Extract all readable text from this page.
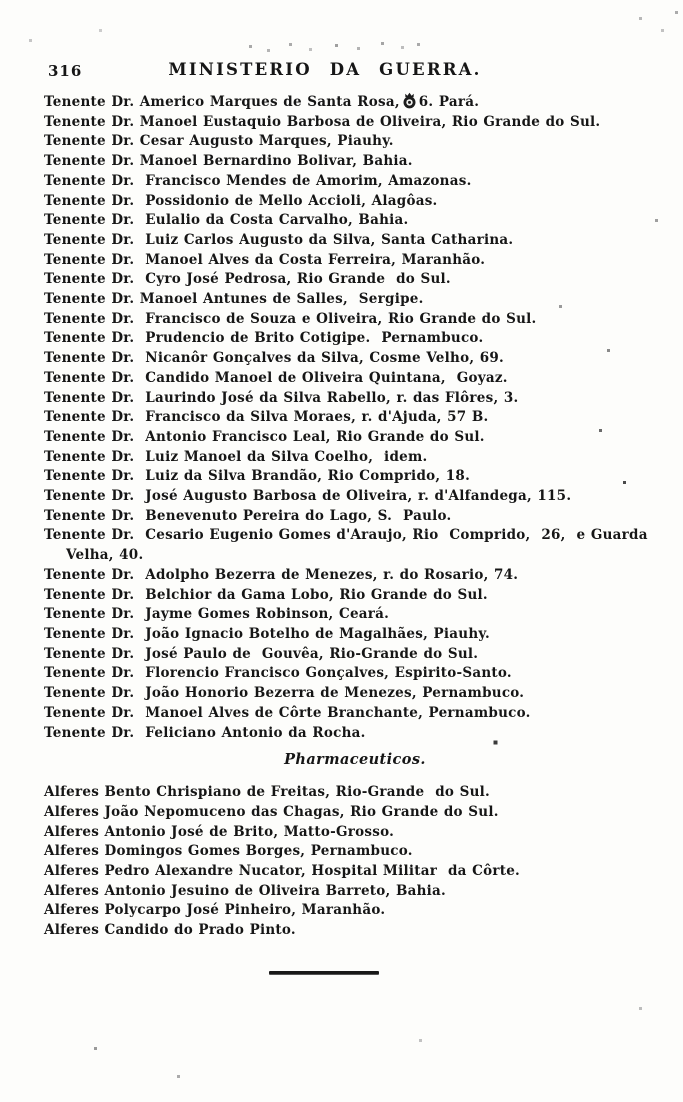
316	MINISTERIO DA GUERRA.
Tenente Dr. Americo Marques de Santa Rosa, 6. Pará.
Tenente Dr. Manoel Eustaquio Barbosa de Oliveira, Rio Grande do Sul.
Tenente Dr. Cesar Augusto Marques, Piauhy.
Tenente Dr. Manoel Bernardino Bolivar, Bahia.
Tenente Dr.  Francisco Mendes de Amorim, Amazonas.
Tenente Dr.  Possidonio de Mello Accioli, Alagôas.
Tenente Dr.  Eulalio da Costa Carvalho, Bahia.
Tenente Dr.  Luiz Carlos Augusto da Silva, Santa Catharina.
Tenente Dr.  Manoel Alves da Costa Ferreira, Maranhão.
Tenente Dr.  Cyro José Pedrosa, Rio Grande  do Sul.
Tenente Dr. Manoel Antunes de Salles,  Sergipe.
Tenente Dr.  Francisco de Souza e Oliveira, Rio Grande do Sul.
Tenente Dr.  Prudencio de Brito Cotigipe.  Pernambuco.
Tenente Dr.  Nicanôr Gonçalves da Silva, Cosme Velho, 69.
Tenente Dr.  Candido Manoel de Oliveira Quintana,  Goyaz.
Tenente Dr.  Laurindo José da Silva Rabello, r. das Flôres, 3.
Tenente Dr.  Francisco da Silva Moraes, r. d'Ajuda, 57 B.
Tenente Dr.  Antonio Francisco Leal, Rio Grande do Sul.
Tenente Dr.  Luiz Manoel da Silva Coelho,  idem.
Tenente Dr.  Luiz da Silva Brandão, Rio Comprido, 18.
Tenente Dr.  José Augusto Barbosa de Oliveira, r. d'Alfandega, 115.
Tenente Dr.  Benevenuto Pereira do Lago, S.  Paulo.
Tenente Dr.  Cesario Eugenio Gomes d'Araujo, Rio  Comprido,  26,  e Guarda Velha, 40.
Tenente Dr.  Adolpho Bezerra de Menezes, r. do Rosario, 74.
Tenente Dr.  Belchior da Gama Lobo, Rio Grande do Sul.
Tenente Dr.  Jayme Gomes Robinson, Ceará.
Tenente Dr.  João Ignacio Botelho de Magalhães, Piauhy.
Tenente Dr.  José Paulo de  Gouvêa, Rio-Grande do Sul.
Tenente Dr.  Florencio Francisco Gonçalves, Espirito-Santo.
Tenente Dr.  João Honorio Bezerra de Menezes, Pernambuco.
Tenente Dr.  Manoel Alves de Côrte Branchante, Pernambuco.
Tenente Dr.  Feliciano Antonio da Rocha.
Pharmaceuticos.
Alferes Bento Chrispiano de Freitas, Rio-Grande  do Sul.
Alferes João Nepomuceno das Chagas, Rio Grande do Sul.
Alferes Antonio José de Brito, Matto-Grosso.
Alferes Domingos Gomes Borges, Pernambuco.
Alferes Pedro Alexandre Nucator, Hospital Militar  da Côrte.
Alferes Antonio Jesuino de Oliveira Barreto, Bahia.
Alferes Polycarpo José Pinheiro, Maranhão.
Alferes Candido do Prado Pinto.
